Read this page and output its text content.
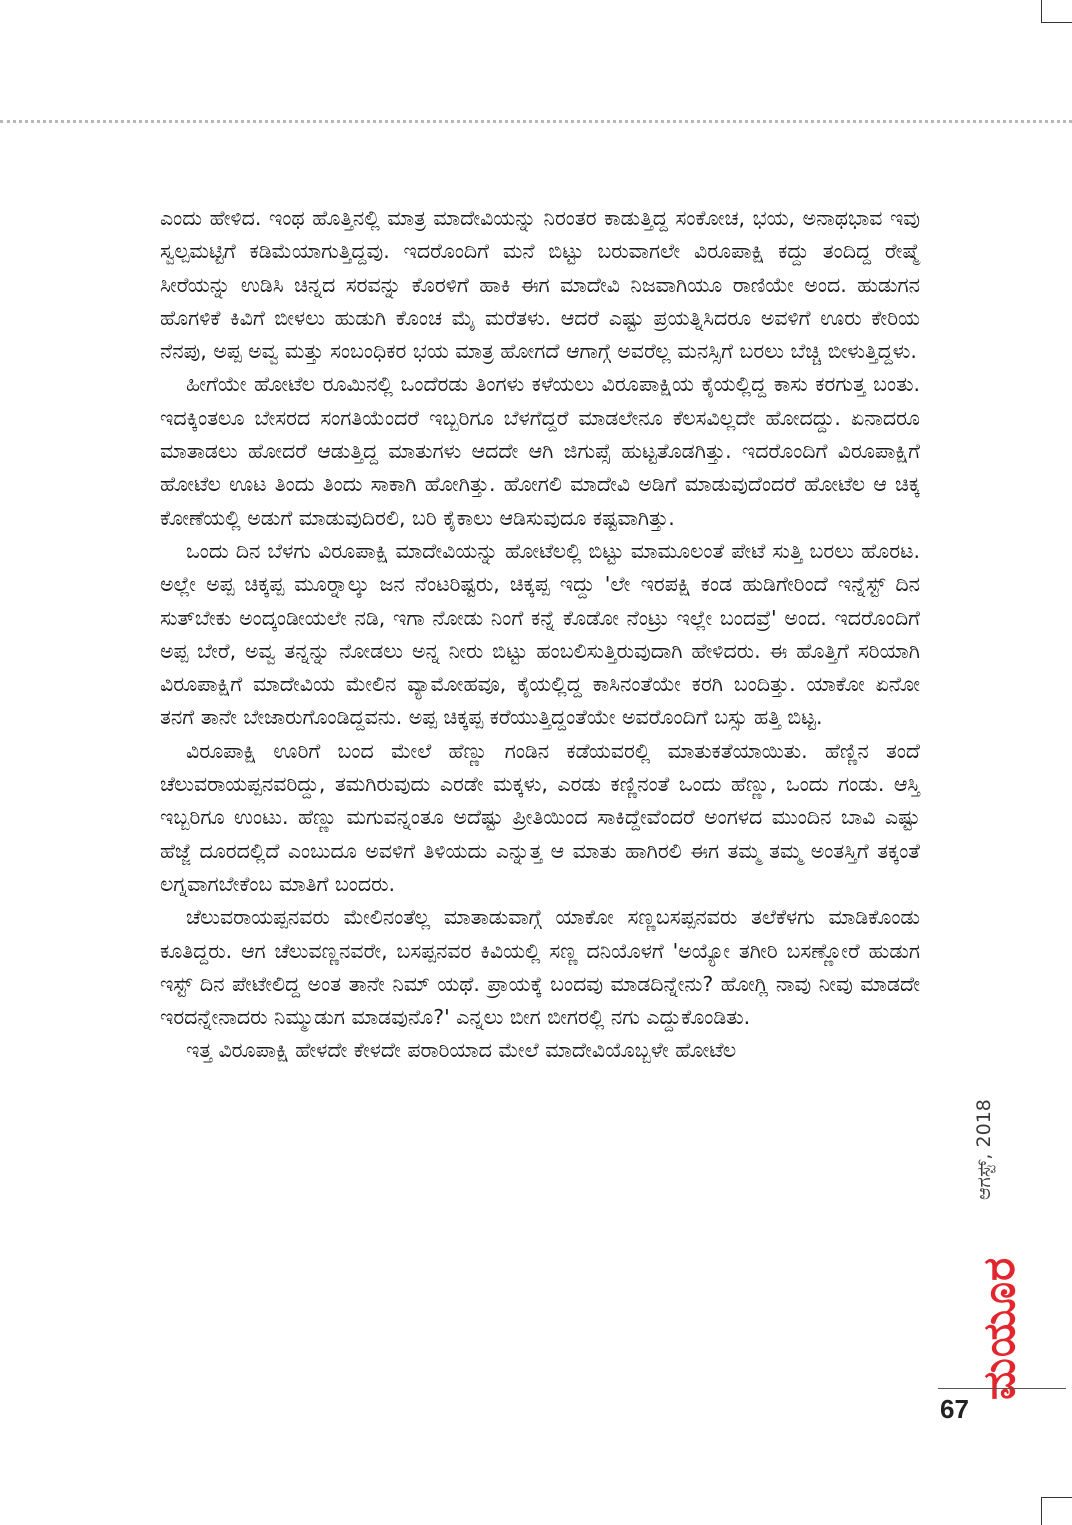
ಎಂದು ಹೇಳಿದ. ಇಂಥ ಹೊತ್ತಿನಲ್ಲಿ ಮಾತ್ರ ಮಾದೇವಿಯನ್ನು ನಿರಂತರ ಕಾಡುತ್ತಿದ್ದ ಸಂಕೋಚ, ಭಯ, ಅನಾಥಭಾವ ಇವು ಸ್ವಲ್ಪಮಟ್ಟಿಗೆ ಕಡಿಮೆಯಾಗುತ್ತಿದ್ದವು. ಇದರೊಂದಿಗೆ ಮನೆ ಬಿಟ್ಟು ಬರುವಾಗಲೇ ವಿರೂಪಾಕ್ಷಿ ಕದ್ದು ತಂದಿದ್ದ ರೇಷ್ಮೆ ಸೀರೆಯನ್ನು ಉಡಿಸಿ ಚಿನ್ನದ ಸರವನ್ನು ಕೊರಳಿಗೆ ಹಾಕಿ ಈಗ ಮಾದೇವಿ ನಿಜವಾಗಿಯೂ ರಾಣಿಯೇ ಅಂದ. ಹುಡುಗನ ಹೊಗಳಿಕೆ ಕಿವಿಗೆ ಬೀಳಲು ಹುಡುಗಿ ಕೊಂಚ ಮೈ ಮರೆತಳು. ಆದರೆ ಎಷ್ಟು ಪ್ರಯತ್ನಿಸಿದರೂ ಅವಳಿಗೆ ಊರು ಕೇರಿಯ ನೆನಪು, ಅಪ್ಪ ಅವ್ವ ಮತ್ತು ಸಂಬಂಧಿಕರ ಭಯ ಮಾತ್ರ ಹೋಗದೆ ಆಗಾಗ್ಗೆ ಅವರೆಲ್ಲ ಮನಸ್ಸಿಗೆ ಬರಲು ಬೆಚ್ಚಿ ಬೀಳುತ್ತಿದ್ದಳು.

ಹೀಗೆಯೇ ಹೋಟೆಲ ರೂಮಿನಲ್ಲಿ ಒಂದೆರಡು ತಿಂಗಳು ಕಳೆಯಲು ವಿರೂಪಾಕ್ಷಿಯ ಕೈಯಲ್ಲಿದ್ದ ಕಾಸು ಕರಗುತ್ತ ಬಂತು. ಇದಕ್ಕಿಂತಲೂ ಬೇಸರದ ಸಂಗತಿಯೆಂದರೆ ಇಬ್ಬರಿಗೂ ಬೆಳಗೆದ್ದರೆ ಮಾಡಲೇನೂ ಕೆಲಸವಿಲ್ಲದೇ ಹೋದದ್ದು. ಏನಾದರೂ ಮಾತಾಡಲು ಹೋದರೆ ಆಡುತ್ತಿದ್ದ ಮಾತುಗಳು ಆದದೇ ಆಗಿ ಜಿಗುಪ್ಸೆ ಹುಟ್ಟತೊಡಗಿತ್ತು. ಇದರೊಂದಿಗೆ ವಿರೂಪಾಕ್ಷಿಗೆ ಹೋಟೆಲ ಊಟ ತಿಂದು ತಿಂದು ಸಾಕಾಗಿ ಹೋಗಿತ್ತು. ಹೋಗಲಿ ಮಾದೇವಿ ಅಡಿಗೆ ಮಾಡುವುದೆಂದರೆ ಹೋಟೆಲ ಆ ಚಿಕ್ಕ ಕೋಣೆಯಲ್ಲಿ ಅಡುಗೆ ಮಾಡುವುದಿರಲಿ, ಬರಿ ಕೈಕಾಲು ಆಡಿಸುವುದೂ ಕಷ್ಟವಾಗಿತ್ತು.

ಒಂದು ದಿನ ಬೆಳಗು ವಿರೂಪಾಕ್ಷಿ ಮಾದೇವಿಯನ್ನು ಹೋಟೆಲಲ್ಲಿ ಬಿಟ್ಟು ಮಾಮೂಲಂತೆ ಪೇಟೆ ಸುತ್ತಿ ಬರಲು ಹೊರಟ. ಅಲ್ಲೇ ಅಪ್ಪ ಚಿಕ್ಕಪ್ಪ ಮೂರ‍್ನಾಲ್ಕು ಜನ ನೆಂಟರಿಷ್ಟರು, ಚಿಕ್ಕಪ್ಪ ಇದ್ದು 'ಲೇ ಇರಪಕ್ಷಿ ಕಂಡ ಹುಡಿಗೇರಿಂದೆ ಇನ್ನೆಸ್ಟ್ ದಿನ ಸುತ್‌ಬೇಕು ಅಂದ್ಕಂಡೀಯಲೇ ನಡಿ, ಇಗಾ ನೋಡು ನಿಂಗೆ ಕನ್ನೆ ಕೊಡೋ ನೆಂಟ್ರು ಇಲ್ಲೇ ಬಂದವ್ರೆ' ಅಂದ. ಇದರೊಂದಿಗೆ ಅಪ್ಪ ಬೇರೆ, ಅವ್ವ ತನ್ನನ್ನು ನೋಡಲು ಅನ್ನ ನೀರು ಬಿಟ್ಟು ಹಂಬಲಿಸುತ್ತಿರುವುದಾಗಿ ಹೇಳಿದರು. ಈ ಹೊತ್ತಿಗೆ ಸರಿಯಾಗಿ ವಿರೂಪಾಕ್ಷಿಗೆ ಮಾದೇವಿಯ ಮೇಲಿನ ವ್ಯಾಮೋಹವೂ, ಕೈಯಲ್ಲಿದ್ದ ಕಾಸಿನಂತೆಯೇ ಕರಗಿ ಬಂದಿತ್ತು. ಯಾಕೋ ಏನೋ ತನಗೆ ತಾನೇ ಬೇಜಾರುಗೊಂಡಿದ್ದವನು. ಅಪ್ಪ ಚಿಕ್ಕಪ್ಪ ಕರೆಯುತ್ತಿದ್ದಂತೆಯೇ ಅವರೊಂದಿಗೆ ಬಸ್ಸು ಹತ್ತಿ ಬಿಟ್ಟ.

ವಿರೂಪಾಕ್ಷಿ ಊರಿಗೆ ಬಂದ ಮೇಲೆ ಹೆಣ್ಣು ಗಂಡಿನ ಕಡೆಯವರಲ್ಲಿ ಮಾತುಕತೆಯಾಯಿತು. ಹೆಣ್ಣಿನ ತಂದೆ ಚೆಲುವರಾಯಪ್ಪನವರಿದ್ದು, ತಮಗಿರುವುದು ಎರಡೇ ಮಕ್ಕಳು, ಎರಡು ಕಣ್ಣಿನಂತೆ ಒಂದು ಹೆಣ್ಣು, ಒಂದು ಗಂಡು. ಆಸ್ತಿ ಇಬ್ಬರಿಗೂ ಉಂಟು. ಹೆಣ್ಣು ಮಗುವನ್ನಂತೂ ಅದೆಷ್ಟು ಪ್ರೀತಿಯಿಂದ ಸಾಕಿದ್ದೇವೆಂದರೆ ಅಂಗಳದ ಮುಂದಿನ ಬಾವಿ ಎಷ್ಟು ಹೆಜ್ಜೆ ದೂರದಲ್ಲಿದೆ ಎಂಬುದೂ ಅವಳಿಗೆ ತಿಳಿಯದು ಎನ್ನುತ್ತ ಆ ಮಾತು ಹಾಗಿರಲಿ ಈಗ ತಮ್ಮ ತಮ್ಮ ಅಂತಸ್ತಿಗೆ ತಕ್ಕಂತೆ ಲಗ್ನವಾಗಬೇಕೆಂಬ ಮಾತಿಗೆ ಬಂದರು.

ಚೆಲುವರಾಯಪ್ಪನವರು ಮೇಲಿನಂತೆಲ್ಲ ಮಾತಾಡುವಾಗ್ಗೆ ಯಾಕೋ ಸಣ್ಣಬಸಪ್ಪನವರು ತಲೆಕೆಳಗು ಮಾಡಿಕೊಂಡು ಕೂತಿದ್ದರು. ಆಗ ಚೆಲುವಣ್ಣನವರೇ, ಬಸಪ್ಪನವರ ಕಿವಿಯಲ್ಲಿ ಸಣ್ಣ ದನಿಯೊಳಗೆ 'ಅಯ್ಯೋ ತಗೀರಿ ಬಸಣ್ಣೋರೆ ಹುಡುಗ ಇಸ್ಟ್ ದಿನ ಪೇಟೇಲಿದ್ದ ಅಂತ ತಾನೇ ನಿಮ್ ಯಥೆ. ಪ್ರಾಯಕ್ಕೆ ಬಂದವು ಮಾಡದಿನ್ನೇನು? ಹೋಗ್ಲಿ ನಾವು ನೀವು ಮಾಡದೇ ಇರದನ್ನೇನಾದರು ನಿಮ್ಮುಡುಗ ಮಾಡವುನೊ?' ಎನ್ನಲು ಬೀಗ ಬೀಗರಲ್ಲಿ ನಗು ಎದ್ದುಕೊಂಡಿತು.

ಇತ್ತ ವಿರೂಪಾಕ್ಷಿ ಹೇಳದೇ ಕೇಳದೇ ಪರಾರಿಯಾದ ಮೇಲೆ ಮಾದೇವಿಯೊಬ್ಬಳೇ ಹೋಟೆಲ

ಆಗಸ್ಟ್, 2018
ಮಯೂರ
67
